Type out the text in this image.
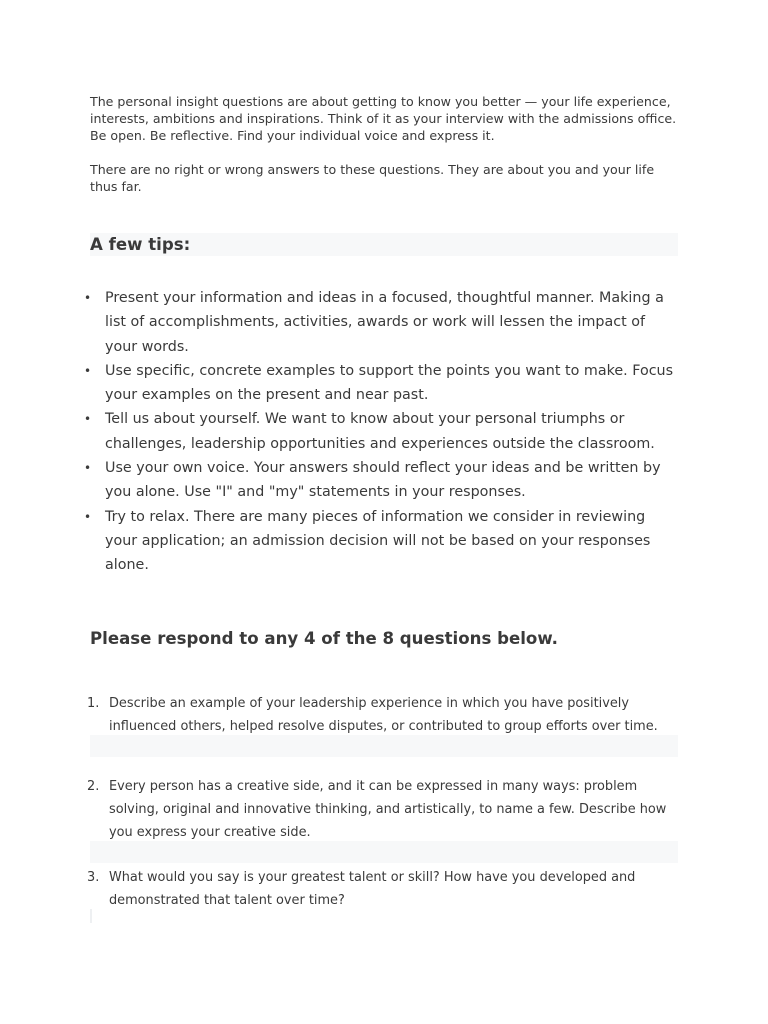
The personal insight questions are about getting to know you better — your life experience, interests, ambitions and inspirations. Think of it as your interview with the admissions office. Be open. Be reflective. Find your individual voice and express it.

There are no right or wrong answers to these questions. They are about you and your life thus far.

A few tips:
• Present your information and ideas in a focused, thoughtful manner. Making a list of accomplishments, activities, awards or work will lessen the impact of your words.
• Use specific, concrete examples to support the points you want to make. Focus your examples on the present and near past.
• Tell us about yourself. We want to know about your personal triumphs or challenges, leadership opportunities and experiences outside the classroom.
• Use your own voice. Your answers should reflect your ideas and be written by you alone. Use "I" and "my" statements in your responses.
• Try to relax. There are many pieces of information we consider in reviewing your application; an admission decision will not be based on your responses alone.
Please respond to any 4 of the 8 questions below.
1. Describe an example of your leadership experience in which you have positively influenced others, helped resolve disputes, or contributed to group efforts over time.
2. Every person has a creative side, and it can be expressed in many ways: problem solving, original and innovative thinking, and artistically, to name a few. Describe how you express your creative side.
3. What would you say is your greatest talent or skill? How have you developed and demonstrated that talent over time?
